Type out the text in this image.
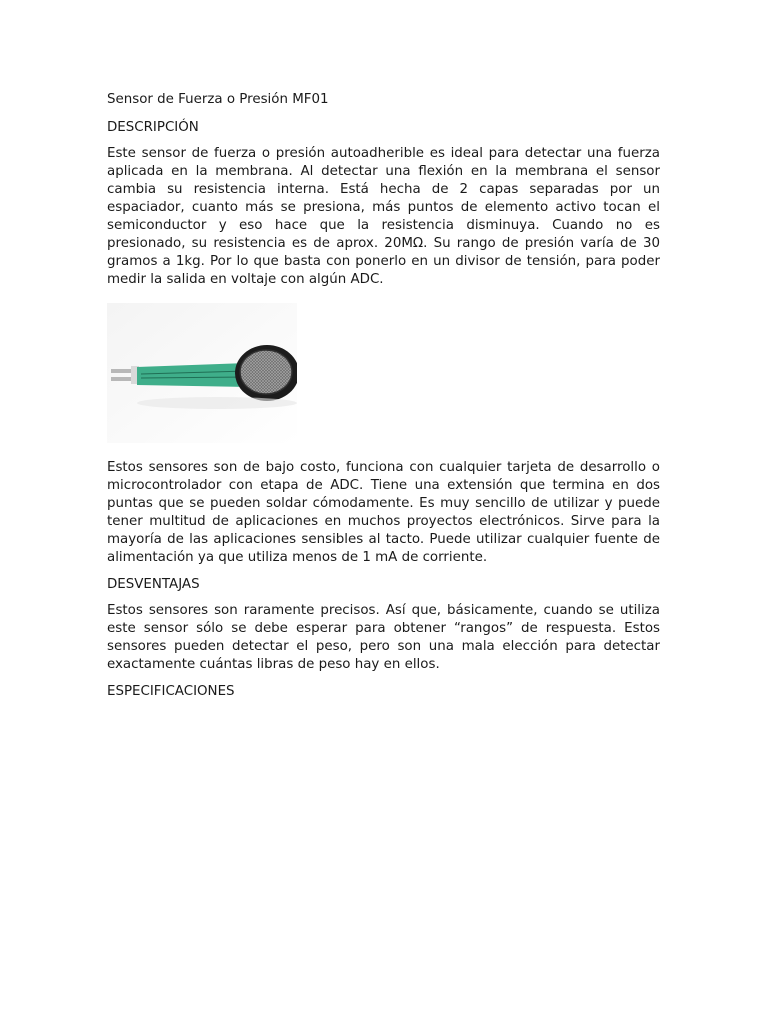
Sensor de Fuerza o Presión MF01

DESCRIPCIÓN

Este sensor de fuerza o presión autoadherible es ideal para detectar una fuerza aplicada en la membrana. Al detectar una flexión en la membrana el sensor cambia su resistencia interna. Está hecha de 2 capas separadas por un espaciador, cuanto más se presiona, más puntos de elemento activo tocan el semiconductor y eso hace que la resistencia disminuya. Cuando no es presionado, su resistencia es de aprox. 20MΩ. Su rango de presión varía de 30 gramos a 1kg. Por lo que basta con ponerlo en un divisor de tensión, para poder medir la salida en voltaje con algún ADC.

Estos sensores son de bajo costo, funciona con cualquier tarjeta de desarrollo o microcontrolador con etapa de ADC. Tiene una extensión que termina en dos puntas que se pueden soldar cómodamente. Es muy sencillo de utilizar y puede tener multitud de aplicaciones en muchos proyectos electrónicos. Sirve para la mayoría de las aplicaciones sensibles al tacto. Puede utilizar cualquier fuente de alimentación ya que utiliza menos de 1 mA de corriente.

DESVENTAJAS

Estos sensores son raramente precisos. Así que, básicamente, cuando se utiliza este sensor sólo se debe esperar para obtener “rangos” de respuesta. Estos sensores pueden detectar el peso, pero son una mala elección para detectar exactamente cuántas libras de peso hay en ellos.

ESPECIFICACIONES
